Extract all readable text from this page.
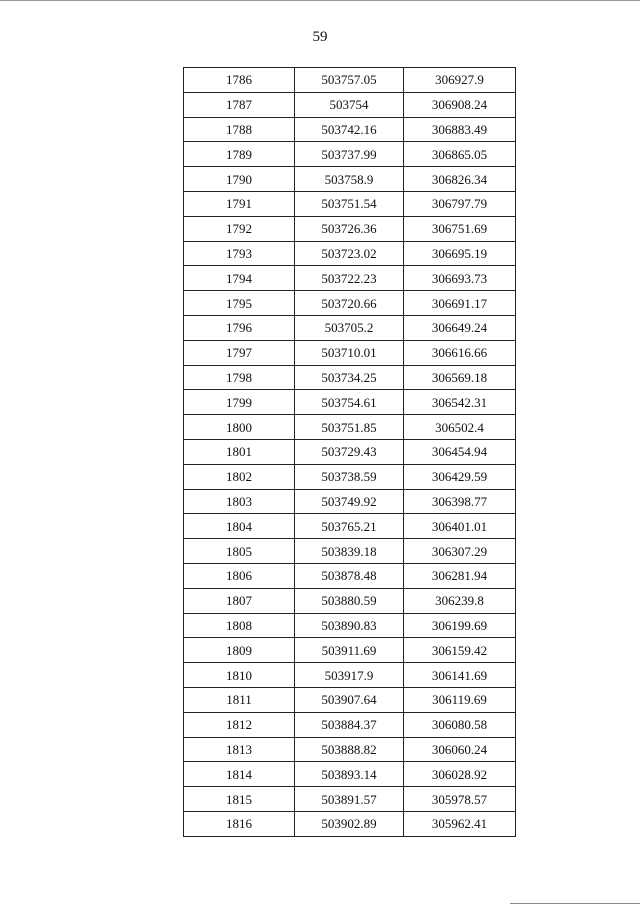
59
1786	503757.05	306927.9
1787	503754	306908.24
1788	503742.16	306883.49
1789	503737.99	306865.05
1790	503758.9	306826.34
1791	503751.54	306797.79
1792	503726.36	306751.69
1793	503723.02	306695.19
1794	503722.23	306693.73
1795	503720.66	306691.17
1796	503705.2	306649.24
1797	503710.01	306616.66
1798	503734.25	306569.18
1799	503754.61	306542.31
1800	503751.85	306502.4
1801	503729.43	306454.94
1802	503738.59	306429.59
1803	503749.92	306398.77
1804	503765.21	306401.01
1805	503839.18	306307.29
1806	503878.48	306281.94
1807	503880.59	306239.8
1808	503890.83	306199.69
1809	503911.69	306159.42
1810	503917.9	306141.69
1811	503907.64	306119.69
1812	503884.37	306080.58
1813	503888.82	306060.24
1814	503893.14	306028.92
1815	503891.57	305978.57
1816	503902.89	305962.41
